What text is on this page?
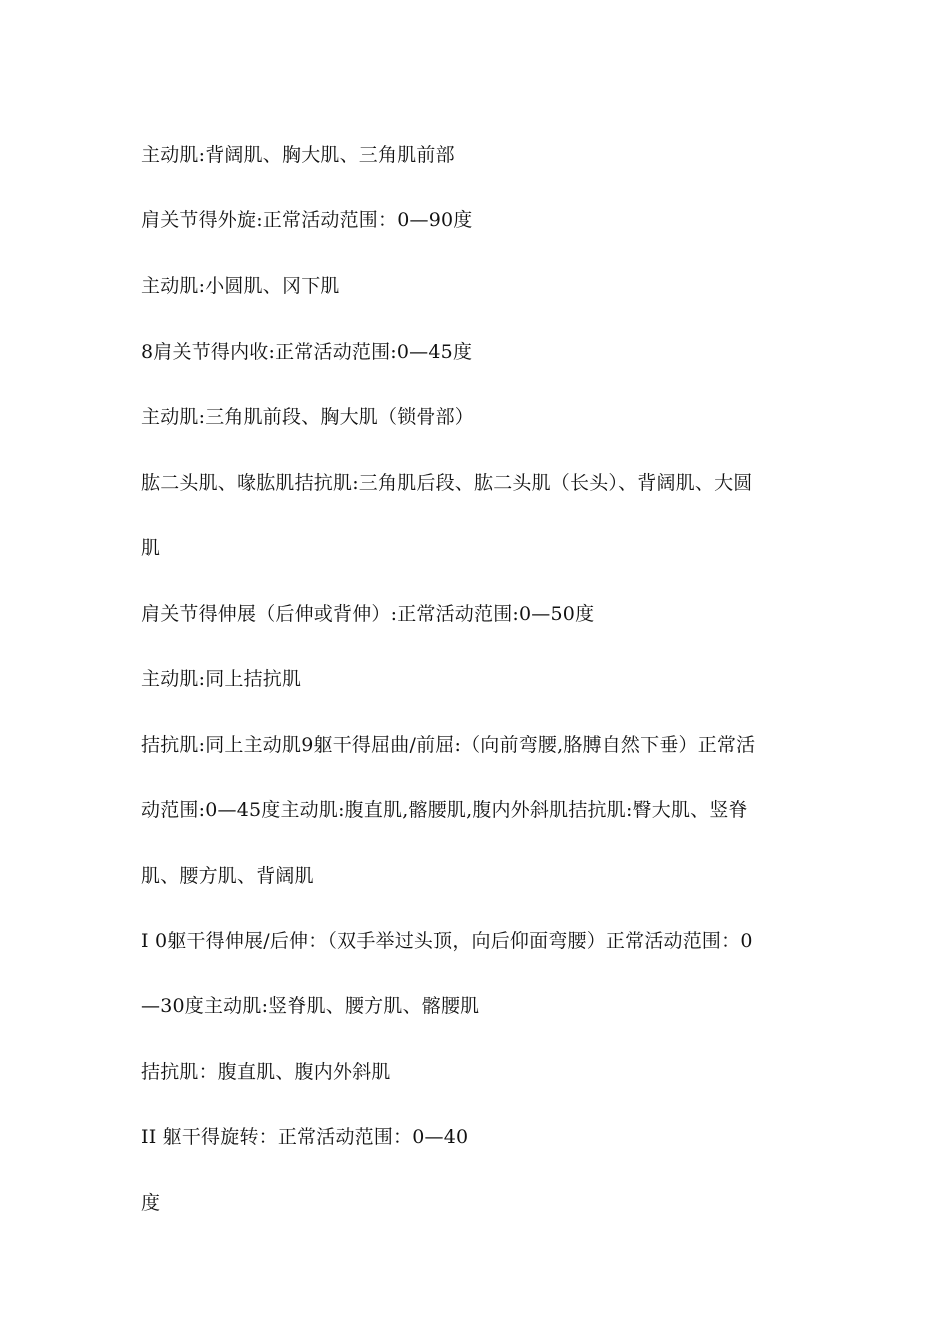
主动肌:背阔肌、胸大肌、三角肌前部
肩关节得外旋:正常活动范围：0—90度
主动肌:小圆肌、冈下肌
8肩关节得内收:正常活动范围:0—45度
主动肌:三角肌前段、胸大肌（锁骨部）
肱二头肌、喙肱肌拮抗肌:三角肌后段、肱二头肌（长头）、背阔肌、大圆
肌
肩关节得伸展（后伸或背伸）:正常活动范围:0—50度
主动肌:同上拮抗肌
拮抗肌:同上主动肌9躯干得屈曲/前屈:（向前弯腰,胳膊自然下垂）正常活
动范围:0—45度主动肌:腹直肌,髂腰肌,腹内外斜肌拮抗肌:臀大肌、竖脊
肌、腰方肌、背阔肌
I 0躯干得伸展/后伸：（双手举过头顶，向后仰面弯腰）正常活动范围：0
—30度主动肌:竖脊肌、腰方肌、髂腰肌
拮抗肌：腹直肌、腹内外斜肌
II 躯干得旋转：正常活动范围：0—40
度
